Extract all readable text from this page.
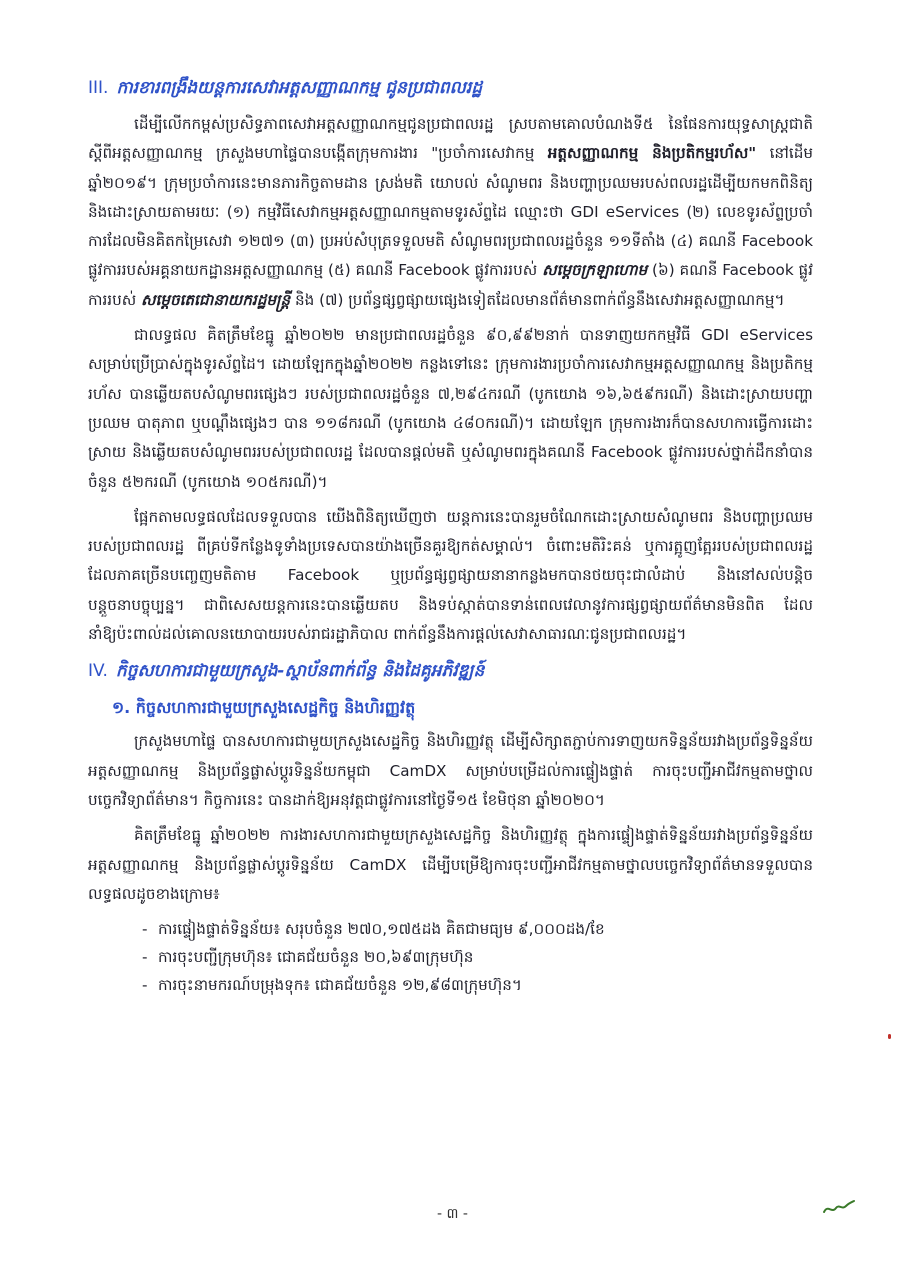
III. ការខារពង្រឹងយន្តការសេវាអត្តសញ្ញាណកម្ម ជូនប្រជាពលរដ្ឋ

ដើម្បីលើកកម្ពស់ប្រសិទ្ធភាពសេវាអត្តសញ្ញាណកម្មជូនប្រជាពលរដ្ឋ ស្របតាមគោលបំណងទី៥ នៃផែនការយុទ្ធសាស្ត្រជាតិស្ដីពីអត្តសញ្ញាណកម្ម ក្រសួងមហាផ្ទៃបានបង្កើតក្រុមការងារ "ប្រចាំការសេវាកម្ម អត្តសញ្ញាណកម្ម និងប្រតិកម្មរហ័ស" នៅដើមឆ្នាំ២០១៩។ ក្រុមប្រចាំការនេះមានភារកិច្ចតាមដាន ស្រង់មតិ យោបល់ សំណូមពរ និងបញ្ហាប្រឈមរបស់ពលរដ្ឋដើម្បីយកមកពិនិត្យ និងដោះស្រាយតាមរយៈ (១) កម្មវិធីសេវាកម្មអត្តសញ្ញាណកម្មតាមទូរស័ព្ទដៃ ឈ្មោះថា GDI eServices (២) លេខទូរស័ព្ទប្រចាំការដែលមិនគិតកម្រៃសេវា ១២៧១ (៣) ប្រអប់សំបុត្រទទួលមតិ សំណូមពរប្រជាពលរដ្ឋចំនួន ១១ទីតាំង (៤) គណនី Facebook ផ្លូវការរបស់អគ្គនាយកដ្ឋានអត្តសញ្ញាណកម្ម (៥) គណនី Facebook ផ្លូវការរបស់ សម្តេចក្រឡាហោម (៦) គណនី Facebook ផ្លូវការរបស់ សម្តេចតេជោនាយករដ្ឋមន្ត្រី និង (៧) ប្រព័ន្ធផ្សព្វផ្សាយផ្សេងទៀតដែលមានព័ត៌មានពាក់ព័ន្ធនឹងសេវាអត្តសញ្ញាណកម្ម។

ជាលទ្ធផល គិតត្រឹមខែធ្នូ ឆ្នាំ២០២២ មានប្រជាពលរដ្ឋចំនួន ៩០,៩៩២នាក់ បានទាញយកកម្មវិធី GDI eServices សម្រាប់ប្រើប្រាស់ក្នុងទូរស័ព្ទដៃ។ ដោយឡែកក្នុងឆ្នាំ២០២២ កន្លងទៅនេះ ក្រុមការងារប្រចាំការសេវាកម្មអត្តសញ្ញាណកម្ម និងប្រតិកម្មរហ័ស បានឆ្លើយតបសំណូមពរផ្សេងៗ របស់ប្រជាពលរដ្ឋចំនួន ៧,២៩៤ករណី (បូកយោង ១៦,៦៥៩ករណី) និងដោះស្រាយបញ្ហាប្រឈម បាតុភាព ឬបណ្ដឹងផ្សេងៗ បាន ១១៨ករណី (បូកយោង ៤៨០ករណី)។ ដោយឡែក ក្រុមការងារក៏បានសហការធ្វើការដោះស្រាយ និងឆ្លើយតបសំណូមពររបស់ប្រជាពលរដ្ឋ ដែលបានផ្ដល់មតិ ឬសំណូមពរក្នុងគណនី Facebook ផ្លូវការរបស់ថ្នាក់ដឹកនាំបានចំនួន ៥២ករណី (បូកយោង ១០៥ករណី)។

ផ្អែកតាមលទ្ធផលដែលទទួលបាន យើងពិនិត្យឃើញថា យន្តការនេះបានរួមចំណែកដោះស្រាយសំណូមពរ និងបញ្ហាប្រឈមរបស់ប្រជាពលរដ្ឋ ពីគ្រប់ទីកន្លែងទូទាំងប្រទេសបានយ៉ាងច្រើនគួរឱ្យកត់សម្គាល់។ ចំពោះមតិរិះគន់ ឬការត្អូញត្អែររបស់ប្រជាពលរដ្ឋ ដែលភាគច្រើនបញ្ចេញមតិតាម Facebook ឬប្រព័ន្ធផ្សព្វផ្សាយនានាកន្លងមកបានថយចុះជាលំដាប់ និងនៅសល់បន្តិចបន្តួចនាបច្ចុប្បន្ន។ ជាពិសេសយន្តការនេះបានឆ្លើយតប និងទប់ស្កាត់បានទាន់ពេលវេលានូវការផ្សព្វផ្សាយព័ត៌មានមិនពិត ដែលនាំឱ្យប៉ះពាល់ដល់គោលនយោបាយរបស់រាជរដ្ឋាភិបាល ពាក់ព័ន្ធនឹងការផ្ដល់សេវាសាធារណៈជូនប្រជាពលរដ្ឋ។

IV. កិច្ចសហការជាមួយក្រសួង-ស្ថាប័នពាក់ព័ន្ធ និងដៃគូអភិវឌ្ឍន៍
១. កិច្ចសហការជាមួយក្រសួងសេដ្ឋកិច្ច និងហិរញ្ញវត្ថុ

ក្រសួងមហាផ្ទៃ បានសហការជាមួយក្រសួងសេដ្ឋកិច្ច និងហិរញ្ញវត្ថុ ដើម្បីសិក្សាតភ្ជាប់ការទាញយកទិន្នន័យរវាងប្រព័ន្ធទិន្នន័យអត្តសញ្ញាណកម្ម និងប្រព័ន្ធផ្លាស់ប្ដូរទិន្នន័យកម្ពុជា CamDX សម្រាប់បម្រើដល់ការផ្ទៀងផ្ទាត់ ការចុះបញ្ជីអាជីវកម្មតាមថ្នាលបច្ចេកវិទ្យាព័ត៌មាន។ កិច្ចការនេះ បានដាក់ឱ្យអនុវត្តជាផ្លូវការនៅថ្ងៃទី១៥ ខែមិថុនា ឆ្នាំ២០២០។

គិតត្រឹមខែធ្នូ ឆ្នាំ២០២២ ការងារសហការជាមួយក្រសួងសេដ្ឋកិច្ច និងហិរញ្ញវត្ថុ ក្នុងការផ្ទៀងផ្ទាត់ទិន្នន័យរវាងប្រព័ន្ធទិន្នន័យអត្តសញ្ញាណកម្ម និងប្រព័ន្ធផ្លាស់ប្ដូរទិន្នន័យ CamDX ដើម្បីបម្រើឱ្យការចុះបញ្ជីអាជីវកម្មតាមថ្នាលបច្ចេកវិទ្យាព័ត៌មានទទួលបានលទ្ធផលដូចខាងក្រោម៖

- ការផ្ទៀងផ្ទាត់ទិន្នន័យ៖ សរុបចំនួន ២៧០,១៧៥ដង គិតជាមធ្យម ៩,០០០ដង/ខែ
- ការចុះបញ្ជីក្រុមហ៊ុន៖ ជោគជ័យចំនួន ២០,៦៩៣ក្រុមហ៊ុន
- ការចុះនាមករណ៍បម្រុងទុក៖ ជោគជ័យចំនួន ១២,៩៨៣ក្រុមហ៊ុន។
- ៣ -
